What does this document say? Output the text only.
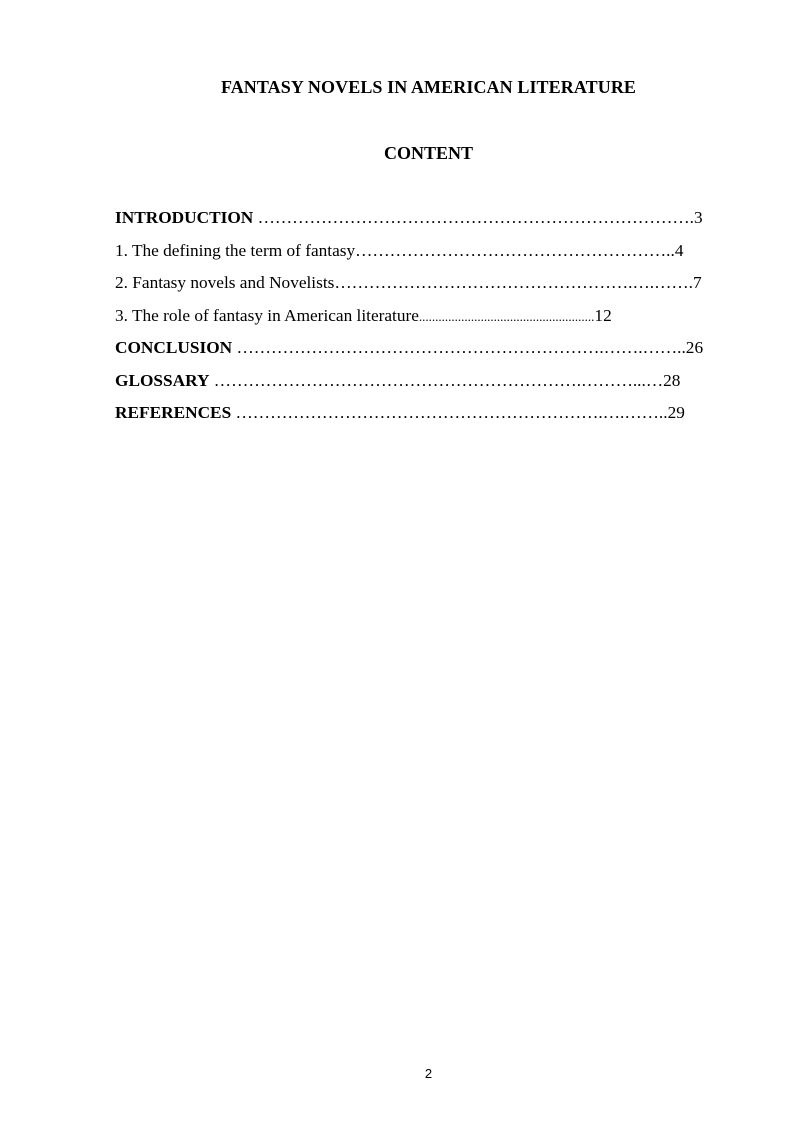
FANTASY NOVELS IN AMERICAN LITERATURE
CONTENT
INTRODUCTION ………………………………………………………………….3
1. The defining the term of fantasy………………………………………………..4
2. Fantasy novels and Novelists…………………………………………….….…….7
3. The role of fantasy in American literature......................................................12
CONCLUSION ……………………………………………………….…….……..26
GLOSSARY ……………………………………………………….………...…28
REFERENCES ……………………………………………………….….……..29
2
